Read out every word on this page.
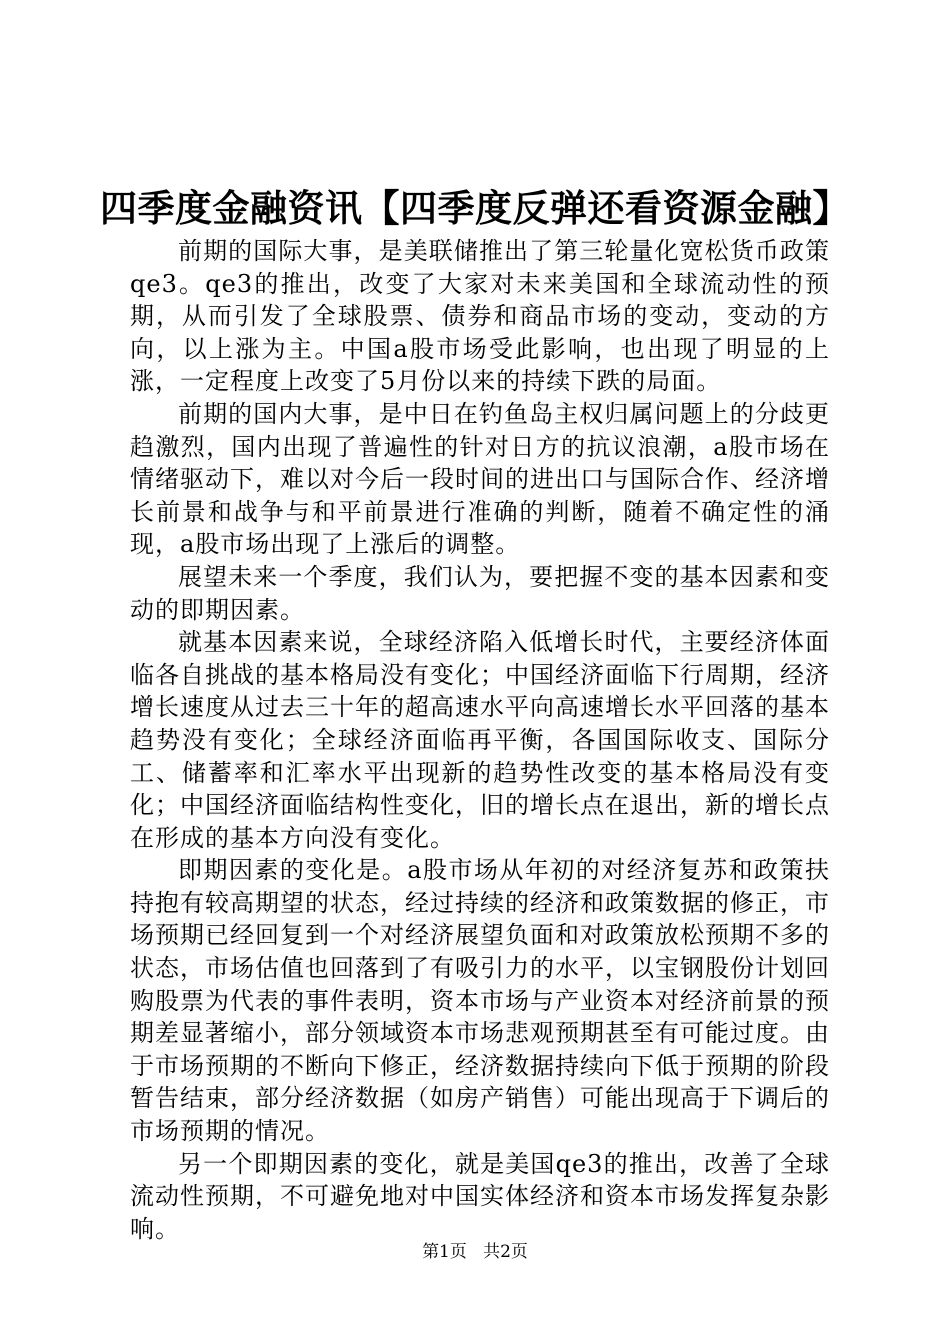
四季度金融资讯【四季度反弹还看资源金融】

前期的国际大事，是美联储推出了第三轮量化宽松货币政策qe3。qe3的推出，改变了大家对未来美国和全球流动性的预期，从而引发了全球股票、债券和商品市场的变动，变动的方向，以上涨为主。中国a股市场受此影响，也出现了明显的上涨，一定程度上改变了5月份以来的持续下跌的局面。

前期的国内大事，是中日在钓鱼岛主权归属问题上的分歧更趋激烈，国内出现了普遍性的针对日方的抗议浪潮，a股市场在情绪驱动下，难以对今后一段时间的进出口与国际合作、经济增长前景和战争与和平前景进行准确的判断，随着不确定性的涌现，a股市场出现了上涨后的调整。

展望未来一个季度，我们认为，要把握不变的基本因素和变动的即期因素。

就基本因素来说，全球经济陷入低增长时代，主要经济体面临各自挑战的基本格局没有变化；中国经济面临下行周期，经济增长速度从过去三十年的超高速水平向高速增长水平回落的基本趋势没有变化；全球经济面临再平衡，各国国际收支、国际分工、储蓄率和汇率水平出现新的趋势性改变的基本格局没有变化；中国经济面临结构性变化，旧的增长点在退出，新的增长点在形成的基本方向没有变化。

即期因素的变化是。a股市场从年初的对经济复苏和政策扶持抱有较高期望的状态，经过持续的经济和政策数据的修正，市场预期已经回复到一个对经济展望负面和对政策放松预期不多的状态，市场估值也回落到了有吸引力的水平，以宝钢股份计划回购股票为代表的事件表明，资本市场与产业资本对经济前景的预期差显著缩小，部分领域资本市场悲观预期甚至有可能过度。由于市场预期的不断向下修正，经济数据持续向下低于预期的阶段暂告结束，部分经济数据（如房产销售）可能出现高于下调后的市场预期的情况。

另一个即期因素的变化，就是美国qe3的推出，改善了全球流动性预期，不可避免地对中国实体经济和资本市场发挥复杂影响。

第1页 共2页
